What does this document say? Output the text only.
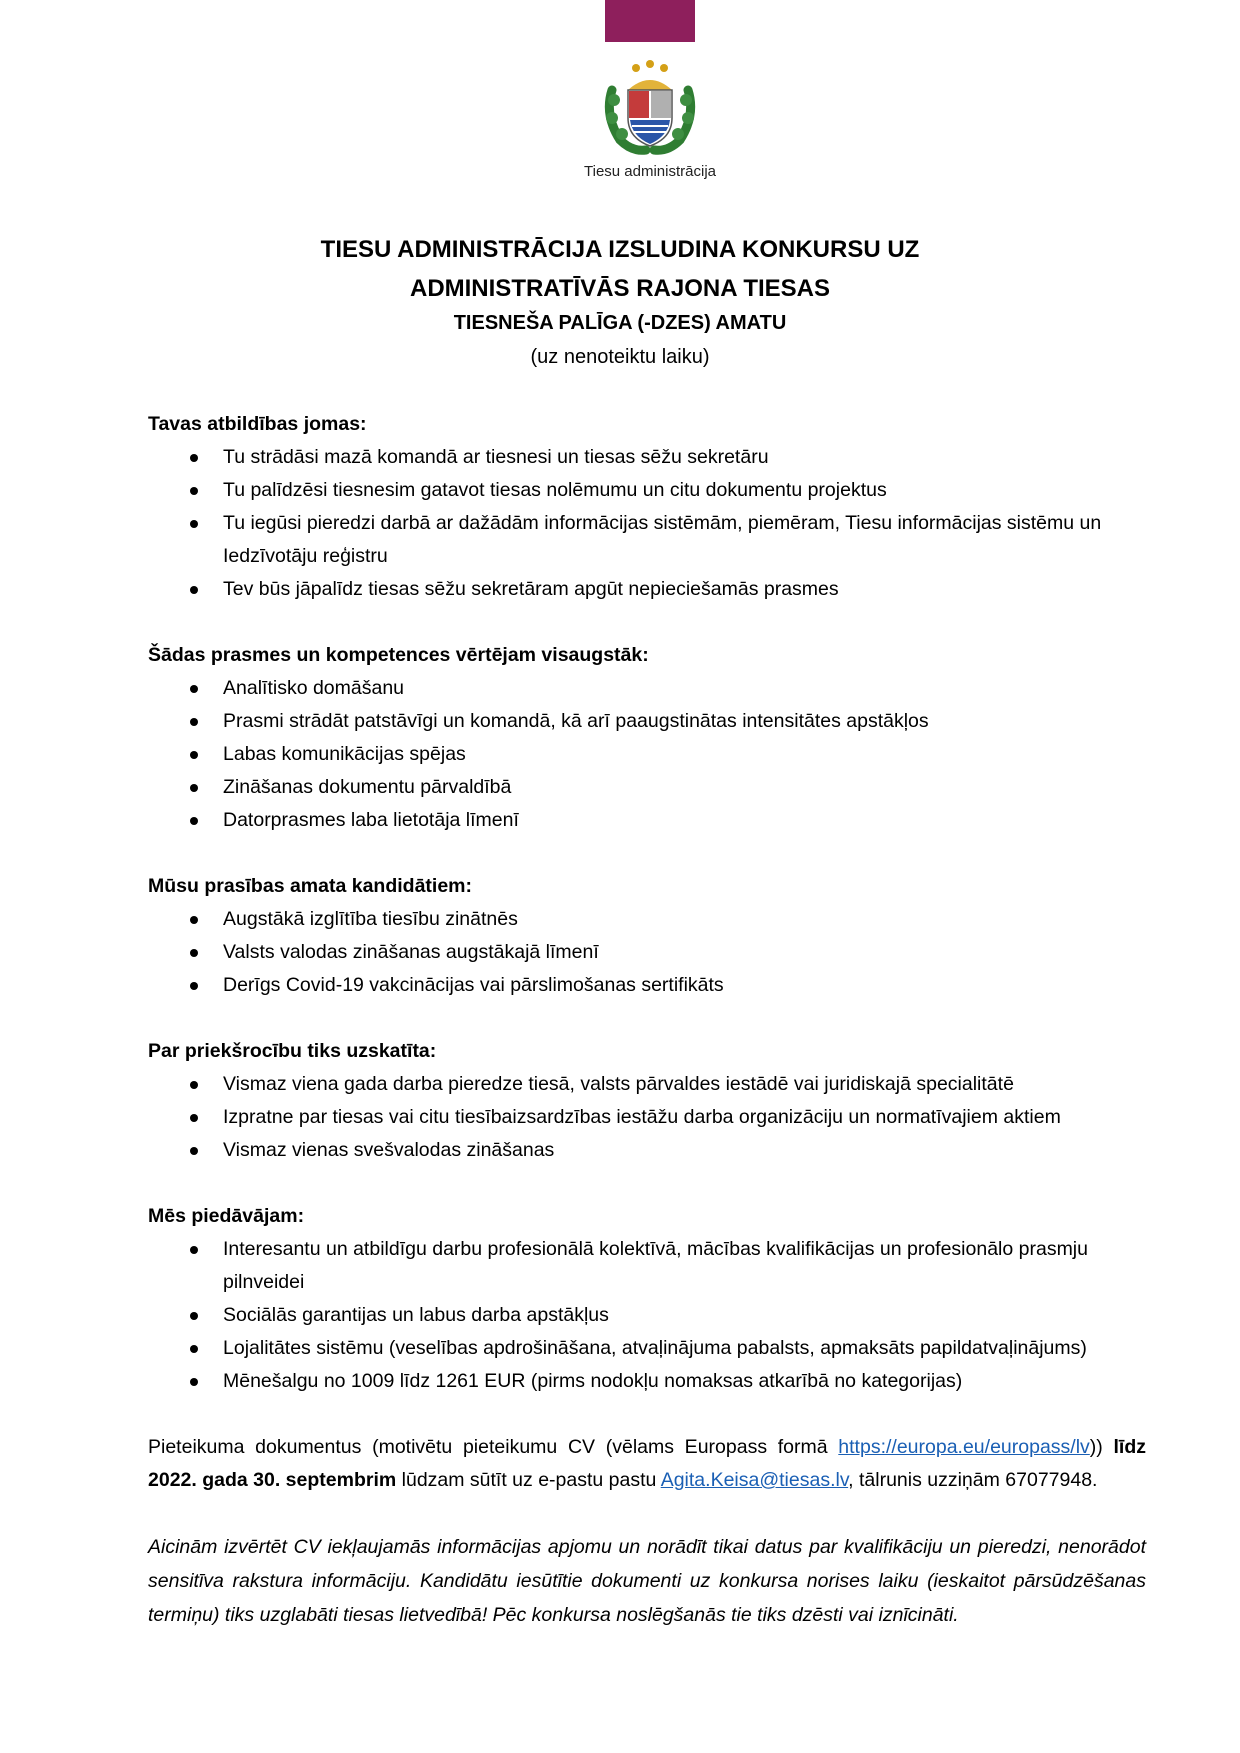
Tiesu administrācija
TIESU ADMINISTRĀCIJA IZSLUDINA KONKURSU UZ
ADMINISTRATĪVĀS RAJONA TIESAS
TIESNEŠA PALĪGA (-DZES) AMATU
(uz nenoteiktu laiku)

Tavas atbildības jomas:

Tu strādāsi mazā komandā ar tiesnesi un tiesas sēžu sekretāru
Tu palīdzēsi tiesnesim gatavot tiesas nolēmumu un citu dokumentu projektus
Tu iegūsi pieredzi darbā ar dažādām informācijas sistēmām, piemēram, Tiesu informācijas sistēmu un Iedzīvotāju reģistru
Tev būs jāpalīdz tiesas sēžu sekretāram apgūt nepieciešamās prasmes

Šādas prasmes un kompetences vērtējam visaugstāk:

Analītisko domāšanu
Prasmi strādāt patstāvīgi un komandā, kā arī paaugstinātas intensitātes apstākļos
Labas komunikācijas spējas
Zināšanas dokumentu pārvaldībā
Datorprasmes laba lietotāja līmenī

Mūsu prasības amata kandidātiem:

Augstākā izglītība tiesību zinātnēs
Valsts valodas zināšanas augstākajā līmenī
Derīgs Covid-19 vakcinācijas vai pārslimošanas sertifikāts

Par priekšrocību tiks uzskatīta:

Vismaz viena gada darba pieredze tiesā, valsts pārvaldes iestādē vai juridiskajā specialitātē
Izpratne par tiesas vai citu tiesībaizsardzības iestāžu darba organizāciju un normatīvajiem aktiem
Vismaz vienas svešvalodas zināšanas

Mēs piedāvājam:

Interesantu un atbildīgu darbu profesionālā kolektīvā, mācības kvalifikācijas un profesionālo prasmju pilnveidei
Sociālās garantijas un labus darba apstākļus
Lojalitātes sistēmu (veselības apdrošināšana, atvaļinājuma pabalsts, apmaksāts papildatvaļinājums)
Mēnešalgu no 1009 līdz 1261 EUR (pirms nodokļu nomaksas atkarībā no kategorijas)

Pieteikuma dokumentus (motivētu pieteikumu CV (vēlams Europass formā https://europa.eu/europass/lv)) līdz 2022. gada 30. septembrim lūdzam sūtīt uz e-pastu pastu Agita.Keisa@tiesas.lv, tālrunis uzziņām 67077948.

Aicinām izvērtēt CV iekļaujamās informācijas apjomu un norādīt tikai datus par kvalifikāciju un pieredzi, nenorādot sensitīva rakstura informāciju. Kandidātu iesūtītie dokumenti uz konkursa norises laiku (ieskaitot pārsūdzēšanas termiņu) tiks uzglabāti tiesas lietvedībā! Pēc konkursa noslēgšanās tie tiks dzēsti vai iznīcināti.
